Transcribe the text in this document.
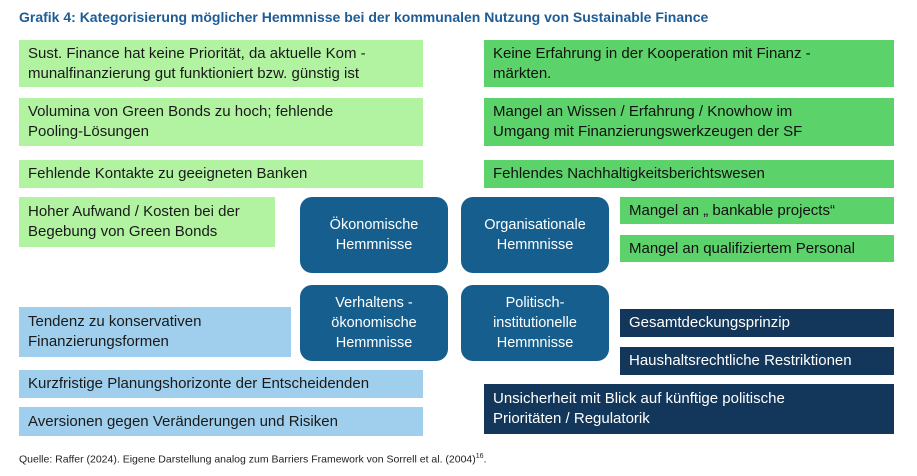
Grafik 4: Kategorisierung möglicher Hemmnisse bei der kommunalen Nutzung von Sustainable Finance
Sust. Finance hat keine Priorität, da aktuelle Kom -
munalfinanzierung gut funktioniert bzw. günstig ist
Volumina von Green Bonds zu hoch; fehlende
Pooling-Lösungen
Fehlende Kontakte zu geeigneten Banken
Hoher Aufwand / Kosten bei der
Begebung von Green Bonds
Keine Erfahrung in der Kooperation mit Finanz -
märkten.
Mangel an Wissen / Erfahrung / Knowhow im
Umgang mit Finanzierungswerkzeugen der SF
Fehlendes Nachhaltigkeitsberichtswesen
Mangel an „ bankable projects“
Mangel an qualifiziertem Personal
Tendenz zu konservativen
Finanzierungsformen
Kurzfristige Planungshorizonte der Entscheidenden
Aversionen gegen Veränderungen und Risiken
Gesamtdeckungsprinzip
Haushaltsrechtliche Restriktionen
Unsicherheit mit Blick auf künftige politische
Prioritäten / Regulatorik
Ökonomische
Hemmnisse
Organisationale
Hemmnisse
Verhaltens -
ökonomische
Hemmnisse
Politisch-
institutionelle
Hemmnisse
Quelle: Raffer (2024). Eigene Darstellung analog zum Barriers Framework von Sorrell et al. $(2004)^{16}$.
